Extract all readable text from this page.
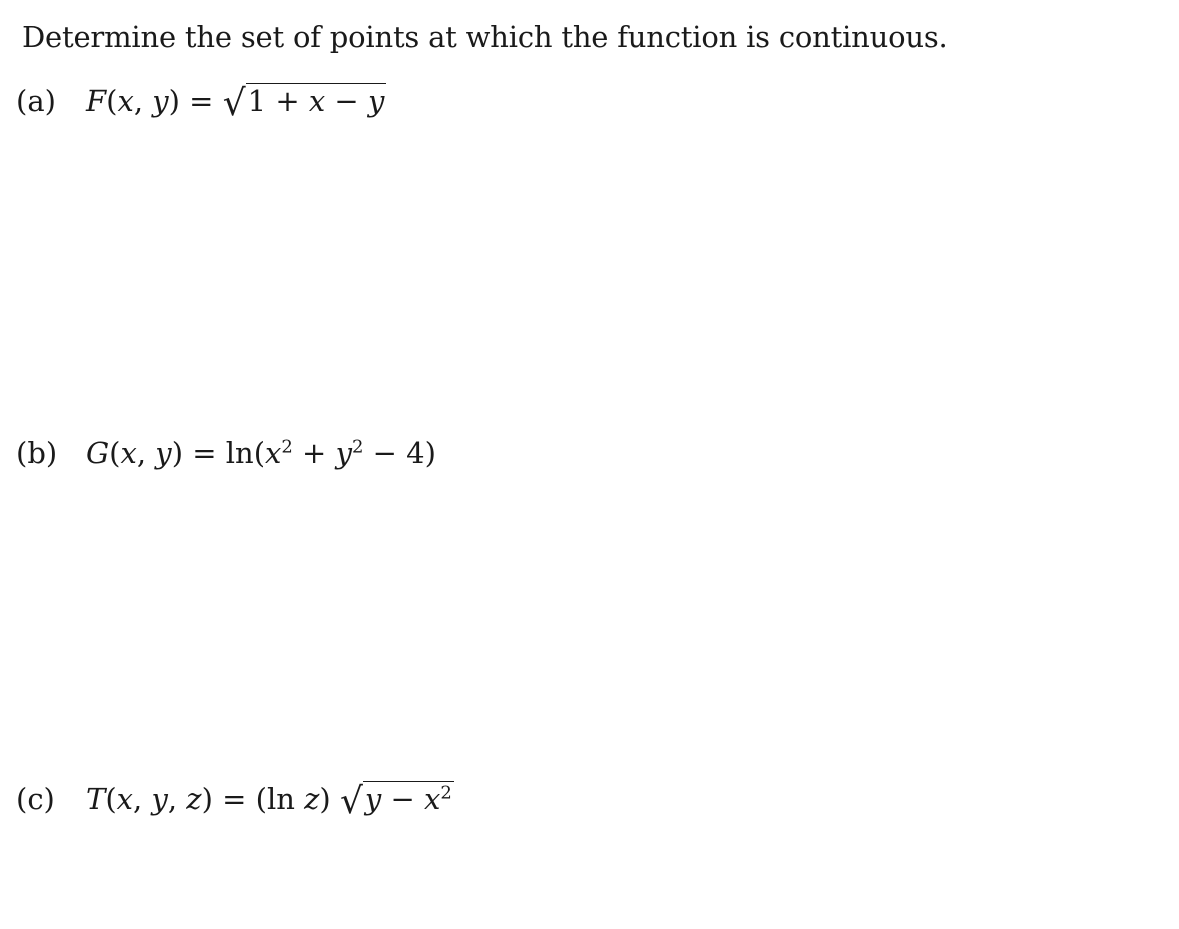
Determine the set of points at which the function is continuous.
(a)	F(x, y) = √1 + x − y
(b) G(x, $y) = \ln(x^2 + y^2 - 4)$
(c)	T(x, y, z) = (ln z) $√y - x^2$
